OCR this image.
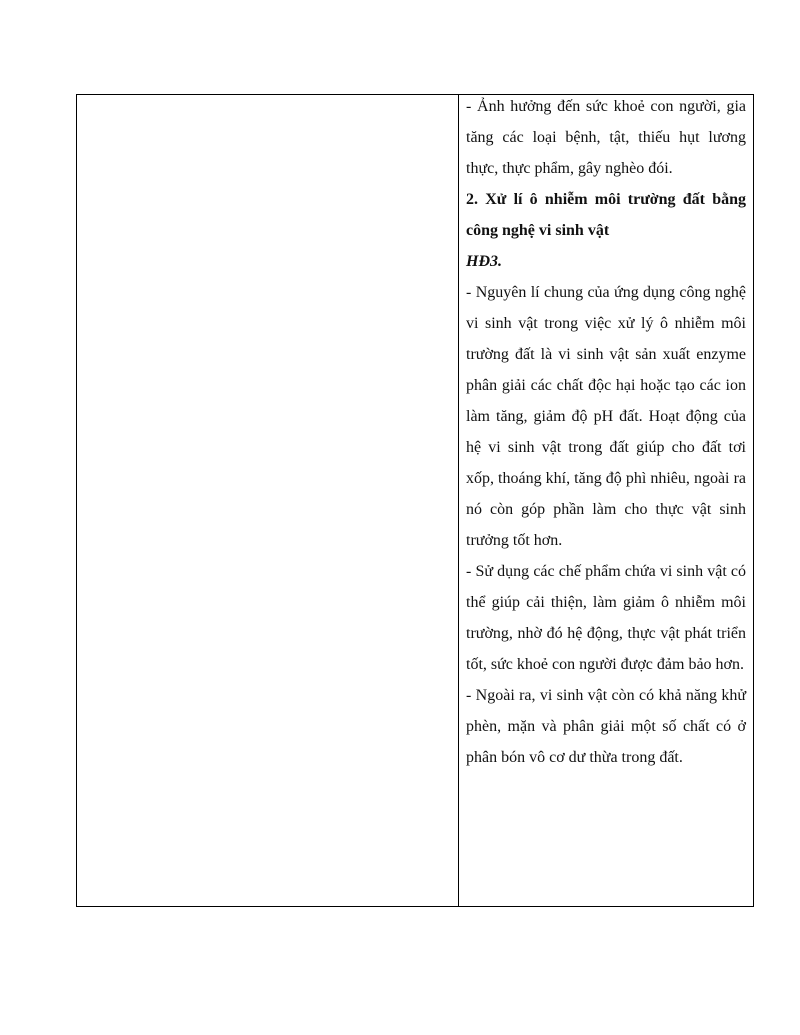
- Ảnh hưởng đến sức khoẻ con người, gia tăng các loại bệnh, tật, thiếu hụt lương thực, thực phẩm, gây nghèo đói.

2. Xử lí ô nhiễm môi trường đất bằng công nghệ vi sinh vật

HĐ3.

- Nguyên lí chung của ứng dụng công nghệ vi sinh vật trong việc xử lý ô nhiễm môi trường đất là vi sinh vật sản xuất enzyme phân giải các chất độc hại hoặc tạo các ion làm tăng, giảm độ pH đất. Hoạt động của hệ vi sinh vật trong đất giúp cho đất tơi xốp, thoáng khí, tăng độ phì nhiêu, ngoài ra nó còn góp phần làm cho thực vật sinh trưởng tốt hơn.

- Sử dụng các chế phẩm chứa vi sinh vật có thể giúp cải thiện, làm giảm ô nhiễm môi trường, nhờ đó hệ động, thực vật phát triển tốt, sức khoẻ con người được đảm bảo hơn.

- Ngoài ra, vi sinh vật còn có khả năng khử phèn, mặn và phân giải một số chất có ở phân bón vô cơ dư thừa trong đất.
